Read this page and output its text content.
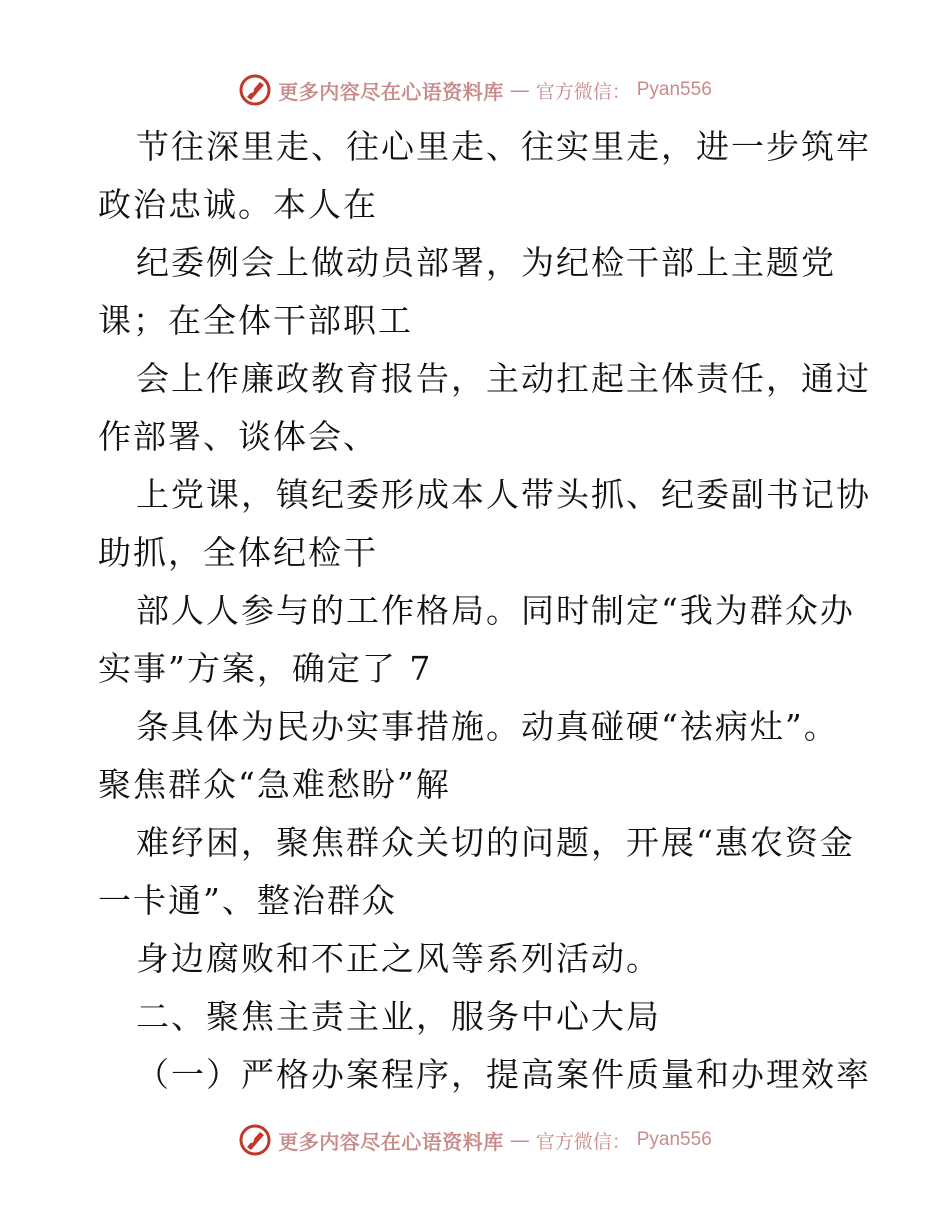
更多内容尽在心语资料库 — 官方微信： Pyan556
节往深里走、往心里走、往实里走，进一步筑牢
政治忠诚。本人在
纪委例会上做动员部署，为纪检干部上主题党
课；在全体干部职工
会上作廉政教育报告，主动扛起主体责任，通过
作部署、谈体会、
上党课，镇纪委形成本人带头抓、纪委副书记协
助抓，全体纪检干
部人人参与的工作格局。同时制定“我为群众办
实事”方案，确定了 7
条具体为民办实事措施。动真碰硬“祛病灶”。
聚焦群众“急难愁盼”解
难纾困，聚焦群众关切的问题，开展“惠农资金
一卡通”、整治群众
身边腐败和不正之风等系列活动。
二、聚焦主责主业，服务中心大局
（一）严格办案程序，提高案件质量和办理效率
更多内容尽在心语资料库 — 官方微信： Pyan556
